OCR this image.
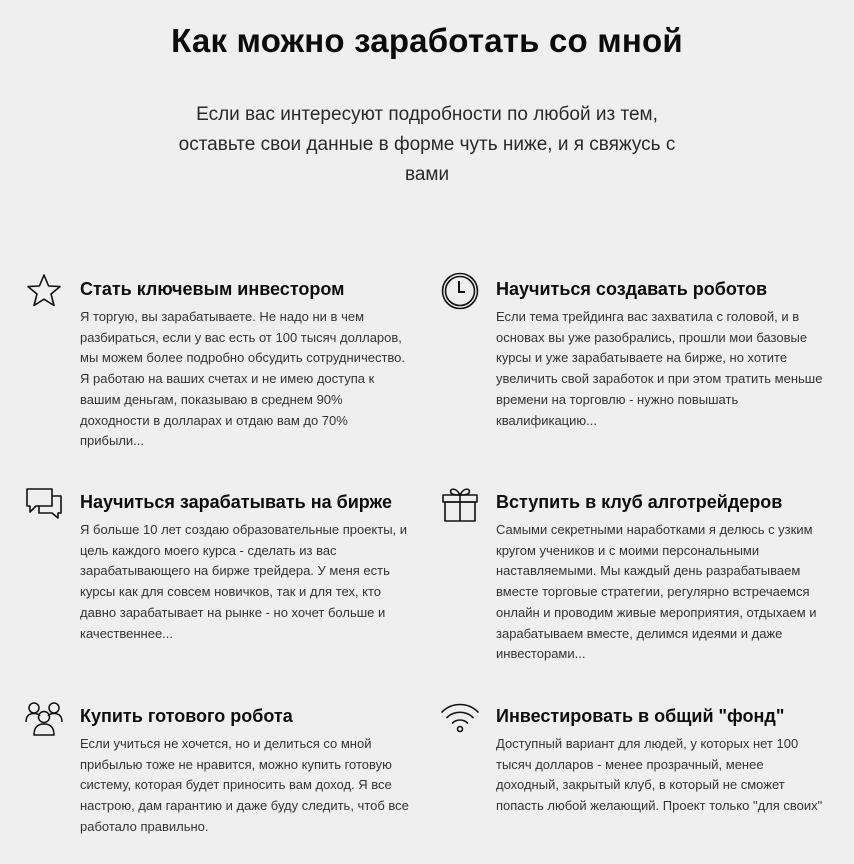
Как можно заработать со мной
Если вас интересуют подробности по любой из тем, оставьте свои данные в форме чуть ниже, и я свяжусь с вами
Стать ключевым инвестором

Я торгую, вы зарабатываете. Не надо ни в чем разбираться, если у вас есть от 100 тысяч долларов, мы можем более подробно обсудить сотрудничество. Я работаю на ваших счетах и не имею доступа к вашим деньгам, показываю в среднем 90% доходности в долларах и отдаю вам до 70% прибыли...

Научиться создавать роботов

Если тема трейдинга вас захватила с головой, и в основах вы уже разобрались, прошли мои базовые курсы и уже зарабатываете на бирже, но хотите увеличить свой заработок и при этом тратить меньше времени на торговлю - нужно повышать квалификацию...

Научиться зарабатывать на бирже

Я больше 10 лет создаю образовательные проекты, и цель каждого моего курса - сделать из вас зарабатывающего на бирже трейдера. У меня есть курсы как для совсем новичков, так и для тех, кто давно зарабатывает на рынке - но хочет больше и качественнее...

Вступить в клуб алготрейдеров

Самыми секретными наработками я делюсь с узким кругом учеников и с моими персональными наставляемыми. Мы каждый день разрабатываем вместе торговые стратегии, регулярно встречаемся онлайн и проводим живые мероприятия, отдыхаем и зарабатываем вместе, делимся идеями и даже инвесторами...

Купить готового робота

Если учиться не хочется, но и делиться со мной прибылью тоже не нравится, можно купить готовую систему, которая будет приносить вам доход. Я все настрою, дам гарантию и даже буду следить, чтоб все работало правильно.

Инвестировать в общий "фонд"

Доступный вариант для людей, у которых нет 100 тысяч долларов - менее прозрачный, менее доходный, закрытый клуб, в который не сможет попасть любой желающий. Проект только "для своих"
